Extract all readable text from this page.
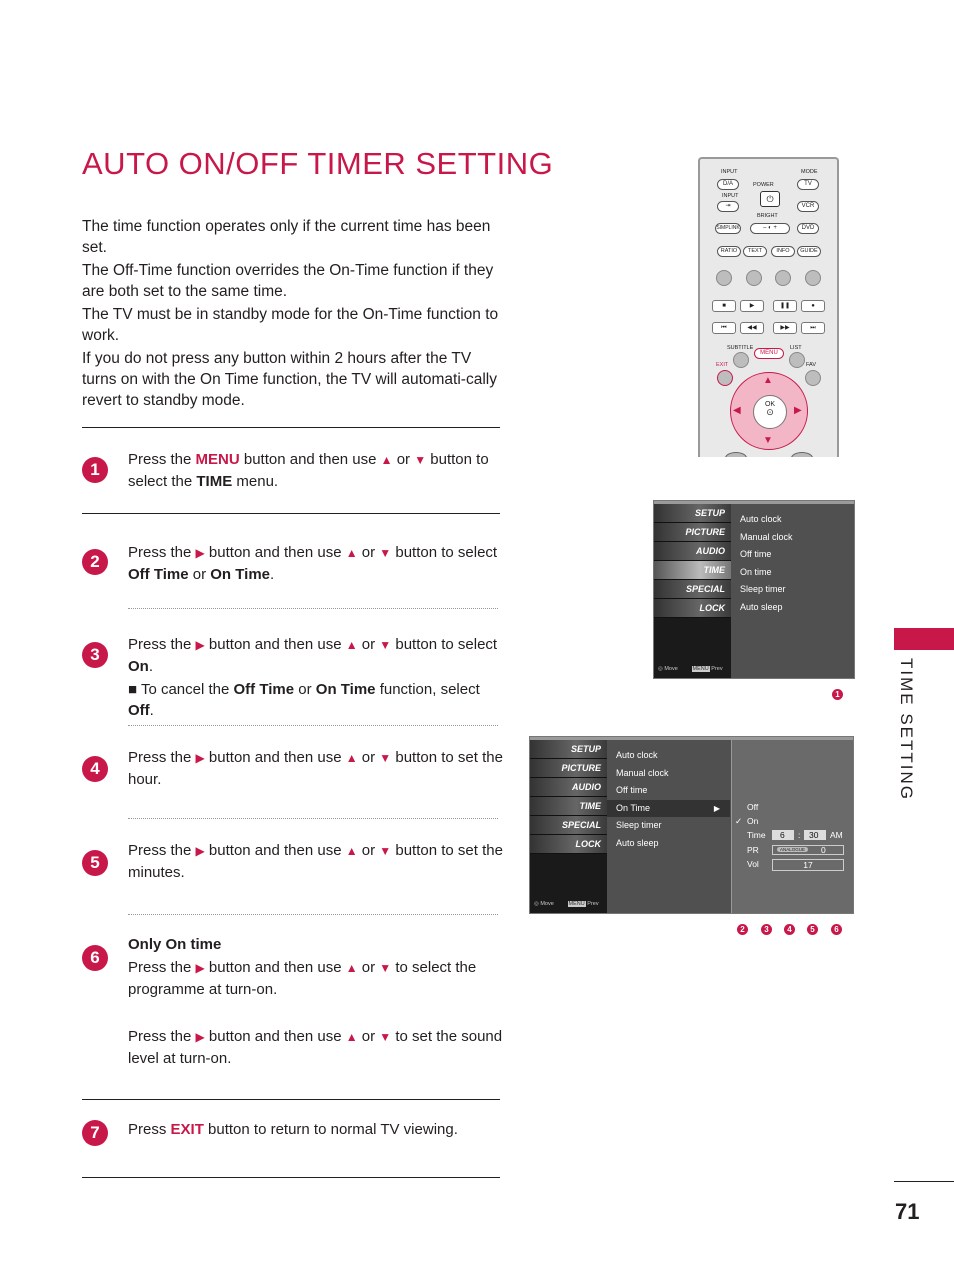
AUTO ON/OFF TIMER SETTING

The time function operates only if the current time has been set.

The Off-Time function overrides the On-Time function if they are both set to the same time.

The TV must be in standby mode for the On-Time function to work.

If you do not press any button within 2 hours after the TV turns on with the On Time function, the TV will automati-cally revert to standby mode.

1
Press the MENU button and then use ▲ or ▼ button to select the TIME menu.
2	Press the ▶ button and then use ▲ or ▼ button to select Off Time or On Time.
3
Press the ▶ button and then use ▲ or ▼ button to select On.
■ To cancel the Off Time or On Time function, select Off.
4
Press the ▶ button and then use ▲ or ▼ button to set the hour.
5
Press the ▶ button and then use ▲ or ▼ button to set the minutes.
6
Only On time
Press the ▶ button and then use ▲ or ▼ to select the programme at turn-on.
Press the ▶ button and then use ▲ or ▼ to set the sound level at turn-on.
7	Press EXIT button to return to normal TV viewing.
TIME SETTING
71
INPUT	MODE
D/A	POWER
⏻
TV
INPUT
⇥	VCR
BRIGHT
SIMPLINK	– ◐ +	DVD
RATIO	TEXT	INFO	GUIDE
■	▶	❚❚	●
⏮	◀◀	▶▶	⏭
SUBTITLE	LIST
MENU
EXIT	FAV
▲
▼
◀	▶
OK
⊙
SETUP
PICTURE
AUDIO
TIME
SPECIAL
LOCK
◎ Move	MENU Prev
Auto clock
Manual clock
Off time
On time
Sleep timer
Auto sleep
1
SETUP
PICTURE
AUDIO
TIME
SPECIAL
LOCK
◎ Move	MENU Prev
Auto clock
Manual clock
Off time
On Time	▶
Sleep timer
Auto sleep
Off
✓ On
Time	6	:	30	AM
PR	ANALOGUE	0
Vol	17
2	3	4	5	6
